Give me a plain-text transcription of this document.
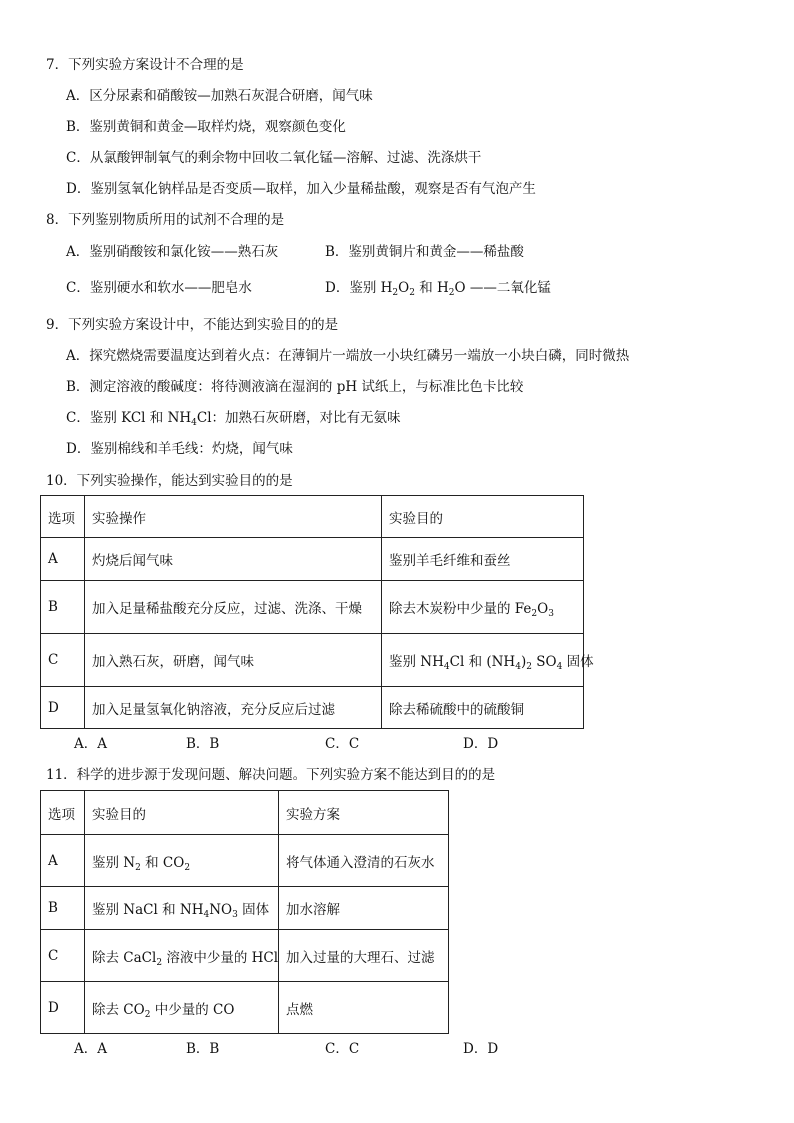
7．下列实验方案设计不合理的是
A．区分尿素和硝酸铵—加熟石灰混合研磨，闻气味
B．鉴别黄铜和黄金—取样灼烧，观察颜色变化
C．从氯酸钾制氧气的剩余物中回收二氧化锰—溶解、过滤、洗涤烘干
D．鉴别氢氧化钠样品是否变质—取样，加入少量稀盐酸，观察是否有气泡产生
8．下列鉴别物质所用的试剂不合理的是
A．鉴别硝酸铵和氯化铵——熟石灰	B．鉴别黄铜片和黄金——稀盐酸
C．鉴别硬水和软水——肥皂水	D．鉴别 $H_2O_2$ 和 $H_2O$ ——二氧化锰
9．下列实验方案设计中，不能达到实验目的的是
A．探究燃烧需要温度达到着火点：在薄铜片一端放一小块红磷另一端放一小块白磷，同时微热
B．测定溶液的酸碱度：将待测液滴在湿润的 pH 试纸上，与标准比色卡比较
C．鉴别 KCl 和 $NH_4Cl$：加熟石灰研磨，对比有无氨味
D．鉴别棉线和羊毛线：灼烧，闻气味
10．下列实验操作，能达到实验目的的是
选项	实验操作	实验目的
A	灼烧后闻气味	鉴别羊毛纤维和蚕丝
B	加入足量稀盐酸充分反应，过滤、洗涤、干燥	除去木炭粉中少量的 $Fe_2O_3$
C	加入熟石灰，研磨，闻气味	鉴别 $NH_4Cl$ 和 $(NH_4)_2$ $SO_4$ 固体
D	加入足量氢氧化钠溶液，充分反应后过滤	除去稀硫酸中的硫酸铜
A．A	B．B	C．C	D．D
11．科学的进步源于发现问题、解决问题。下列实验方案不能达到目的的是
选项	实验目的	实验方案
A	鉴别 $N_2$ 和 $CO_2$	将气体通入澄清的石灰水
B	鉴别 NaCl 和 $NH_4NO_3$ 固体	加水溶解
C	除去 CaCl$_2$ 溶液中少量的 HCl	加入过量的大理石、过滤
D	除去 $CO_2$ 中少量的 CO	点燃
A．A	B．B	C．C	D．D
